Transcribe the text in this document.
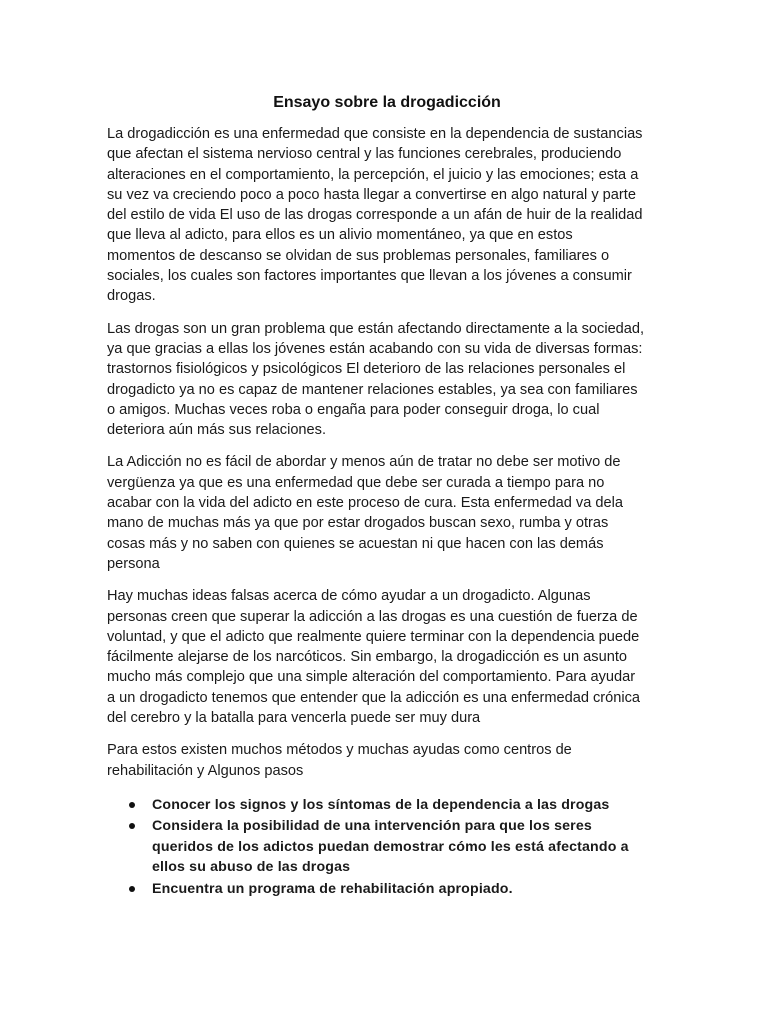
Ensayo sobre la drogadicción

La drogadicción es una enfermedad que consiste en la dependencia de sustancias
que afectan el sistema nervioso central y las funciones cerebrales, produciendo
alteraciones en el comportamiento, la percepción, el juicio y las emociones; esta a
su vez va creciendo poco a poco hasta llegar a convertirse en algo natural y parte
del estilo de vida El uso de las drogas corresponde a un afán de huir de la realidad
que lleva al adicto, para ellos es un alivio momentáneo, ya que en estos
momentos de descanso se olvidan de sus problemas personales, familiares o
sociales, los cuales son factores importantes que llevan a los jóvenes a consumir
drogas.

Las drogas son un gran problema que están afectando directamente a la sociedad,
ya que gracias a ellas los jóvenes están acabando con su vida de diversas formas:
trastornos fisiológicos y psicológicos El deterioro de las relaciones personales el
drogadicto ya no es capaz de mantener relaciones estables, ya sea con familiares
o amigos. Muchas veces roba o engaña para poder conseguir droga, lo cual
deteriora aún más sus relaciones.

La Adicción no es fácil de abordar y menos aún de tratar no debe ser motivo de
vergüenza ya que es una enfermedad que debe ser curada a tiempo para no
acabar con la vida del adicto en este proceso de cura. Esta enfermedad va dela
mano de muchas más ya que por estar drogados buscan sexo, rumba y otras
cosas más y no saben con quienes se acuestan ni que hacen con las demás
persona

Hay muchas ideas falsas acerca de cómo ayudar a un drogadicto. Algunas
personas creen que superar la adicción a las drogas es una cuestión de fuerza de
voluntad, y que el adicto que realmente quiere terminar con la dependencia puede
fácilmente alejarse de los narcóticos. Sin embargo, la drogadicción es un asunto
mucho más complejo que una simple alteración del comportamiento. Para ayudar
a un drogadicto tenemos que entender que la adicción es una enfermedad crónica
del cerebro y la batalla para vencerla puede ser muy dura

Para estos existen muchos métodos y muchas ayudas como centros de
rehabilitación y Algunos pasos

Conocer los signos y los síntomas de la dependencia a las drogas
Considera la posibilidad de una intervención para que los seres
queridos de los adictos puedan demostrar cómo les está afectando a
ellos su abuso de las drogas
Encuentra un programa de rehabilitación apropiado.
